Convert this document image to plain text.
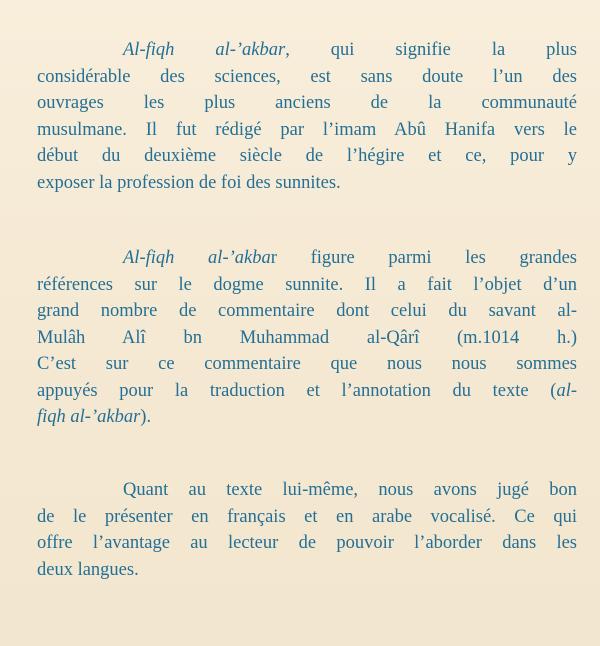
Al-fiqh al-’akbar, qui signifie la plus
considérable des sciences, est sans doute l’un des
ouvrages les plus anciens de la communauté
musulmane. Il fut rédigé par l’imam Abû Hanifa vers le
début du deuxième siècle de l’hégire et ce, pour y
exposer la profession de foi des sunnites.
Al-fiqh al-’akbar figure parmi les grandes
références sur le dogme sunnite. Il a fait l’objet d’un
grand nombre de commentaire dont celui du savant al-
Mulâh Alî bn Muhammad al-Qârî (m.1014 h.)
C’est sur ce commentaire que nous nous sommes
appuyés pour la traduction et l’annotation du texte (al-
fiqh al-’akbar).
Quant au texte lui-même, nous avons jugé bon
de le présenter en français et en arabe vocalisé. Ce qui
offre l’avantage au lecteur de pouvoir l’aborder dans les
deux langues.
